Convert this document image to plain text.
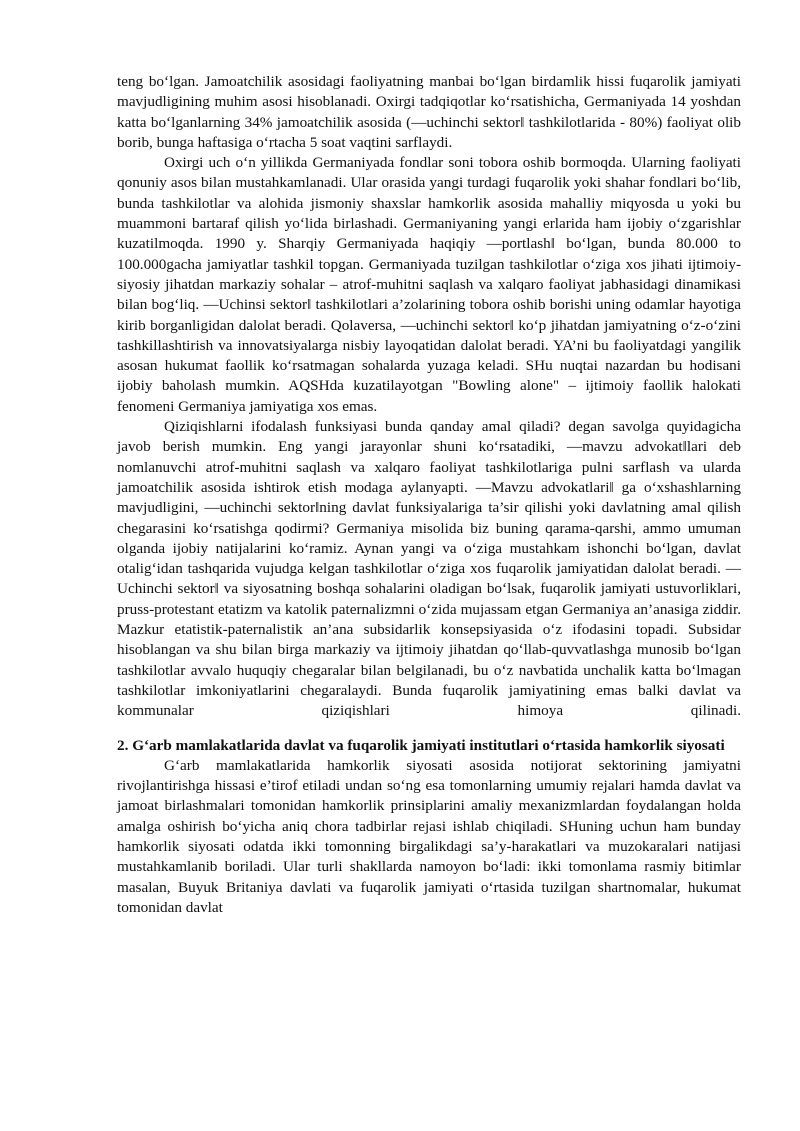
teng bo‘lgan. Jamoatchilik asosidagi faoliyatning manbai bo‘lgan birdamlik hissi fuqarolik jamiyati mavjudligining muhim asosi hisoblanadi. Oxirgi tadqiqotlar ko‘rsatishicha, Germaniyada 14 yoshdan katta bo‘lganlarning 34% jamoatchilik asosida (—uchinchi sektor‖ tashkilotlarida - 80%) faoliyat olib borib, bunga haftasiga o‘rtacha 5 soat vaqtini sarflaydi.

Oxirgi uch o‘n yillikda Germaniyada fondlar soni tobora oshib bormoqda. Ularning faoliyati qonuniy asos bilan mustahkamlanadi. Ular orasida yangi turdagi fuqarolik yoki shahar fondlari bo‘lib, bunda tashkilotlar va alohida jismoniy shaxslar hamkorlik asosida mahalliy miqyosda u yoki bu muammoni bartaraf qilish yo‘lida birlashadi. Germaniyaning yangi erlarida ham ijobiy o‘zgarishlar kuzatilmoqda. 1990 y. Sharqiy Germaniyada haqiqiy —portlash‖ bo‘lgan, bunda 80.000 to 100.000gacha jamiyatlar tashkil topgan. Germaniyada tuzilgan tashkilotlar o‘ziga xos jihati ijtimoiy-siyosiy jihatdan markaziy sohalar – atrof-muhitni saqlash va xalqaro faoliyat jabhasidagi dinamikasi bilan bog‘liq. —Uchinsi sektor‖ tashkilotlari a’zolarining tobora oshib borishi uning odamlar hayotiga kirib borganligidan dalolat beradi. Qolaversa, —uchinchi sektor‖ ko‘p jihatdan jamiyatning o‘z-o‘zini tashkillashtirish va innovatsiyalarga nisbiy layoqatidan dalolat beradi. YA’ni bu faoliyatdagi yangilik asosan hukumat faollik ko‘rsatmagan sohalarda yuzaga keladi. SHu nuqtai nazardan bu hodisani ijobiy baholash mumkin. AQSHda kuzatilayotgan "Bowling alone" – ijtimoiy faollik halokati fenomeni Germaniya jamiyatiga xos emas.

Qiziqishlarni ifodalash funksiyasi bunda qanday amal qiladi? degan savolga quyidagicha javob berish mumkin. Eng yangi jarayonlar shuni ko‘rsatadiki, —mavzu advokat‖lari deb nomlanuvchi atrof-muhitni saqlash va xalqaro faoliyat tashkilotlariga pulni sarflash va ularda jamoatchilik asosida ishtirok etish modaga aylanyapti. —Mavzu advokatlari‖ ga o‘xshashlarning mavjudligini, —uchinchi sektor‖ning davlat funksiyalariga ta’sir qilishi yoki davlatning amal qilish chegarasini ko‘rsatishga qodirmi? Germaniya misolida biz buning qarama-qarshi, ammo umuman olganda ijobiy natijalarini ko‘ramiz. Aynan yangi va o‘ziga mustahkam ishonchi bo‘lgan, davlat otalig‘idan tashqarida vujudga kelgan tashkilotlar o‘ziga xos fuqarolik jamiyatidan dalolat beradi. —Uchinchi sektor‖ va siyosatning boshqa sohalarini oladigan bo‘lsak, fuqarolik jamiyati ustuvorliklari, pruss-protestant etatizm va katolik paternalizmni o‘zida mujassam etgan Germaniya an’anasiga ziddir. Mazkur etatistik-paternalistik an’ana subsidarlik konsepsiyasida o‘z ifodasini topadi. Subsidar hisoblangan va shu bilan birga markaziy va ijtimoiy jihatdan qo‘llab-quvvatlashga munosib bo‘lgan tashkilotlar avvalo huquqiy chegaralar bilan belgilanadi, bu o‘z navbatida unchalik katta bo‘lmagan tashkilotlar imkoniyatlarini chegaralaydi. Bunda fuqarolik jamiyatining emas balki davlat va kommunalar qiziqishlari himoya qilinadi.

2. G‘arb mamlakatlarida davlat va fuqarolik jamiyati institutlari o‘rtasida hamkorlik siyosati

G‘arb mamlakatlarida hamkorlik siyosati asosida notijorat sektorining jamiyatni rivojlantirishga hissasi e’tirof etiladi undan so‘ng esa tomonlarning umumiy rejalari hamda davlat va jamoat birlashmalari tomonidan hamkorlik prinsiplarini amaliy mexanizmlardan foydalangan holda amalga oshirish bo‘yicha aniq chora tadbirlar rejasi ishlab chiqiladi. SHuning uchun ham bunday hamkorlik siyosati odatda ikki tomonning birgalikdagi sa’y-harakatlari va muzokaralari natijasi mustahkamlanib boriladi. Ular turli shakllarda namoyon bo‘ladi: ikki tomonlama rasmiy bitimlar masalan, Buyuk Britaniya davlati va fuqarolik jamiyati o‘rtasida tuzilgan shartnomalar, hukumat tomonidan davlat
